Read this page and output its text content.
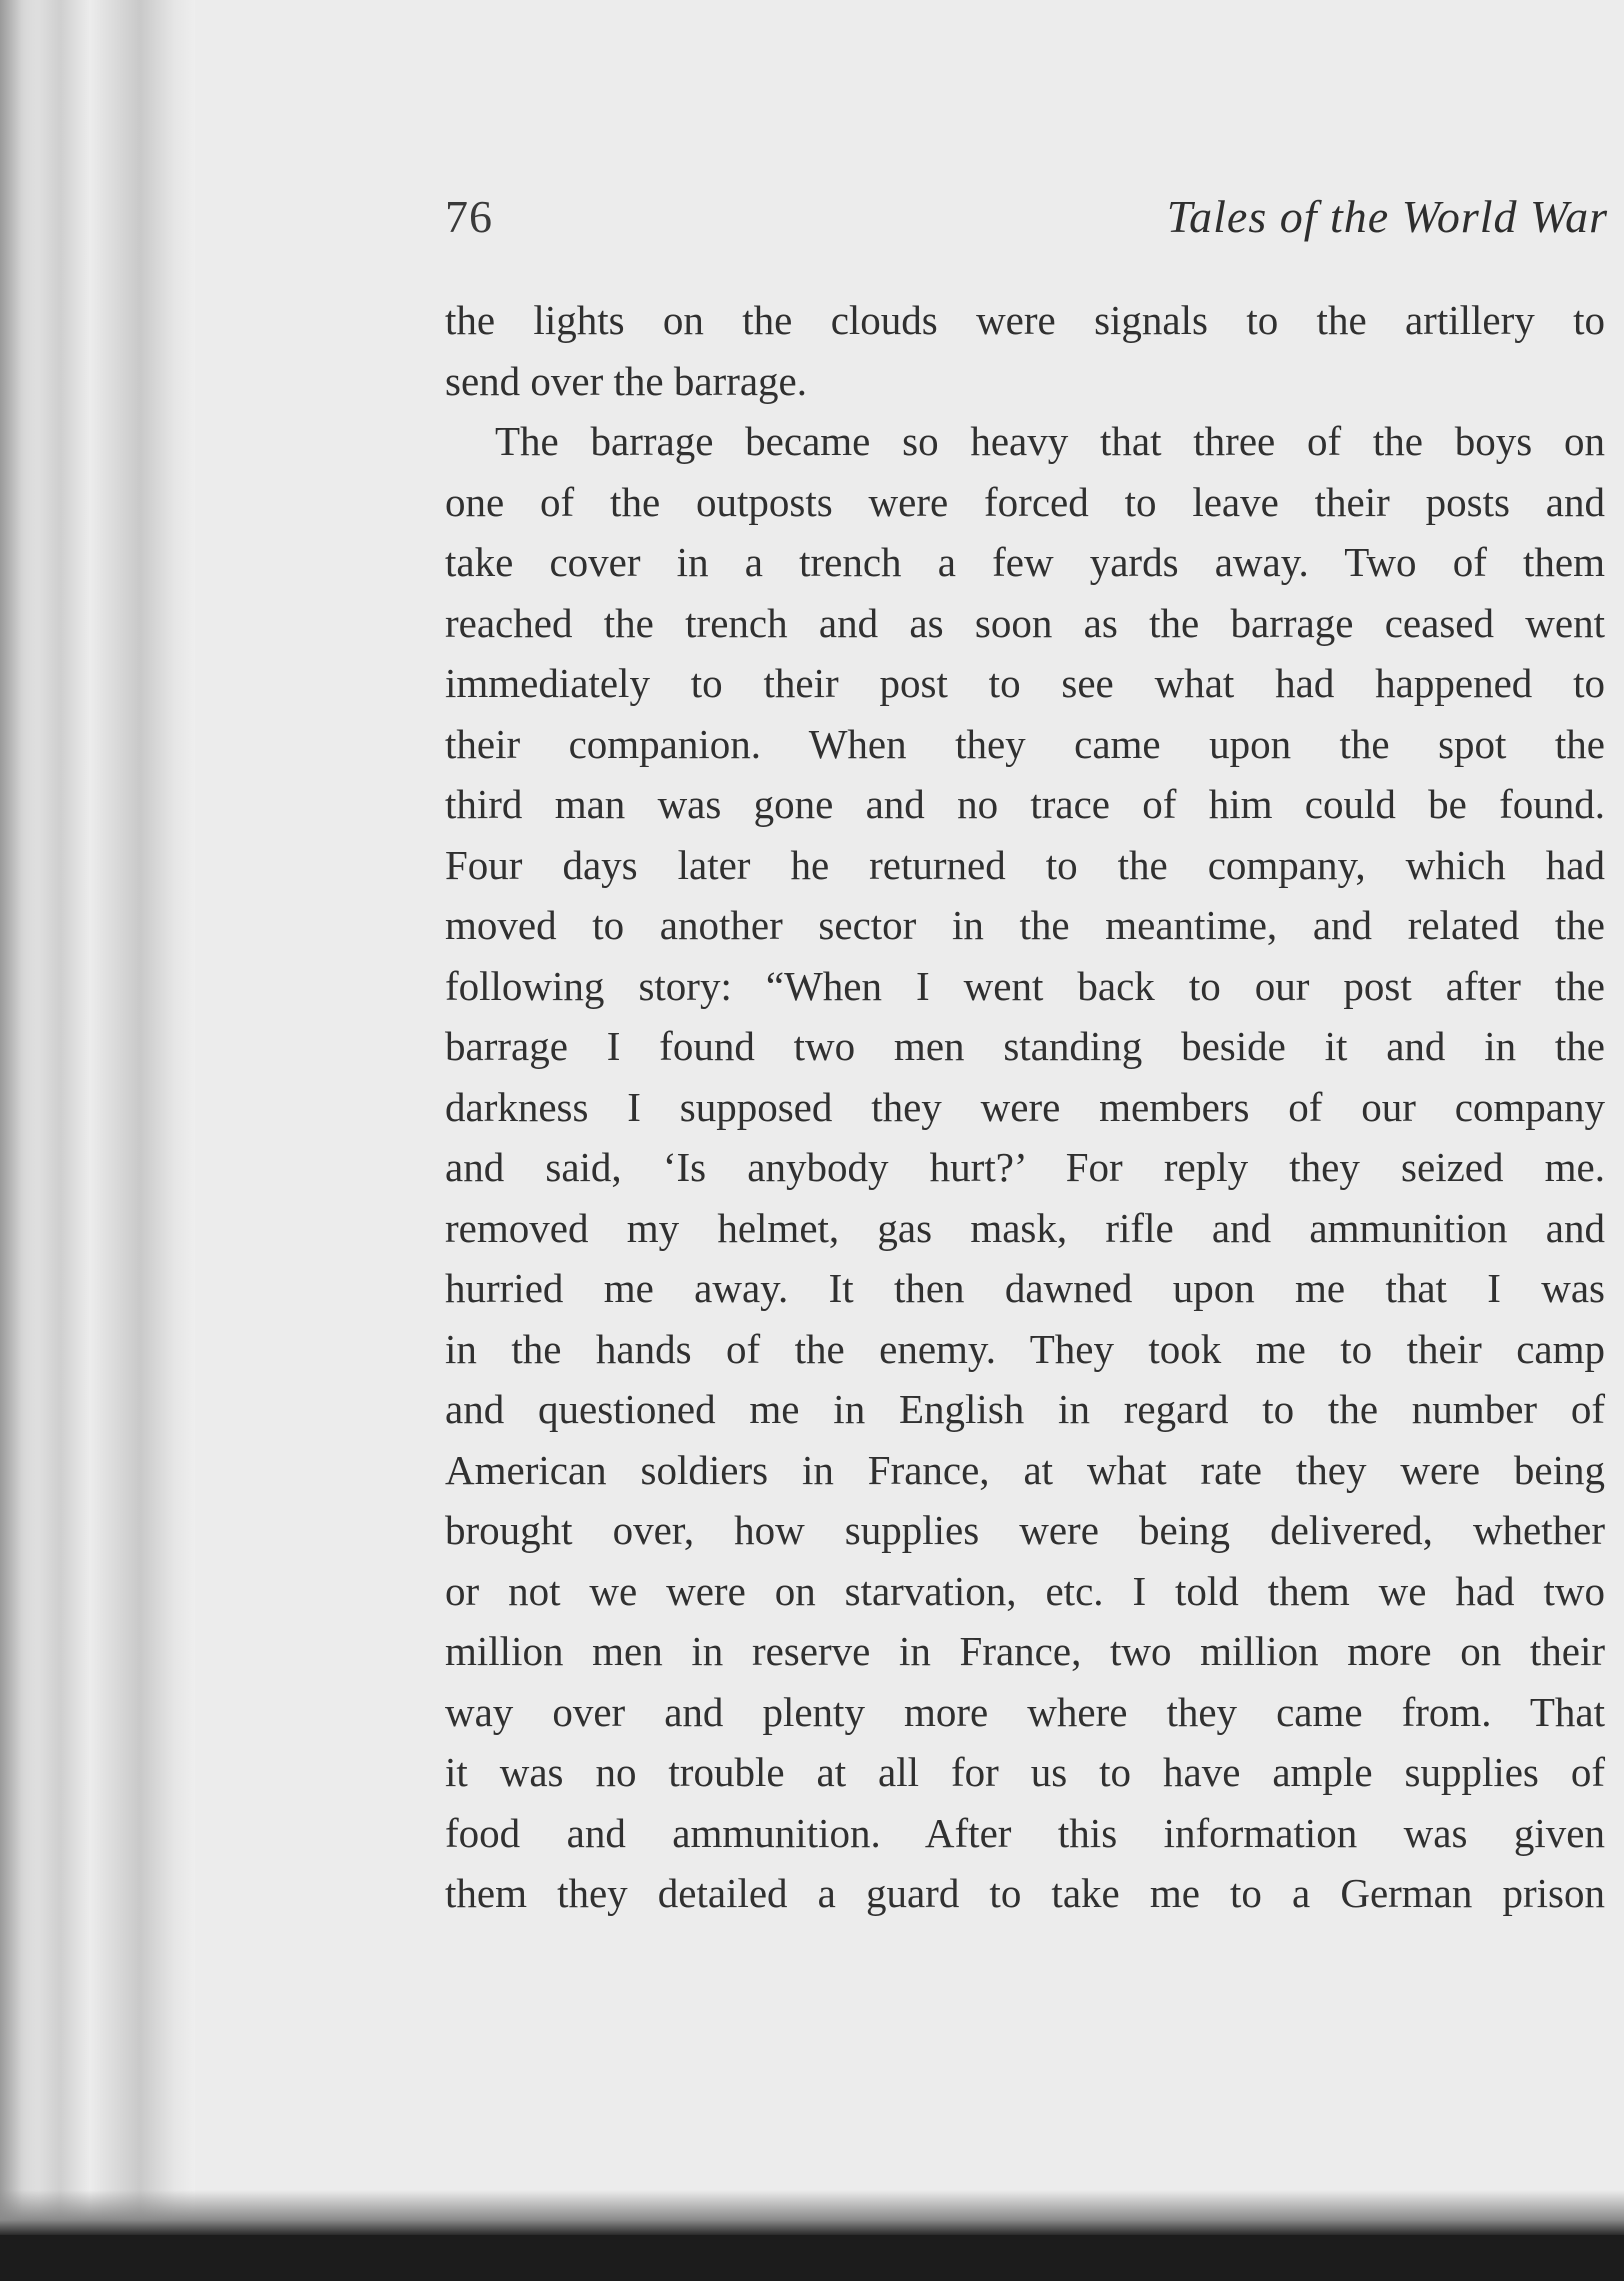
76	Tales of the World War
the lights on the clouds were signals to the artillery to
send over the barrage.
The barrage became so heavy that three of the boys on
one of the outposts were forced to leave their posts and
take cover in a trench a few yards away. Two of them
reached the trench and as soon as the barrage ceased went
immediately to their post to see what had happened to
their companion. When they came upon the spot the
third man was gone and no trace of him could be found.
Four days later he returned to the company, which had
moved to another sector in the meantime, and related the
following story: “When I went back to our post after the
barrage I found two men standing beside it and in the
darkness I supposed they were members of our company
and said, ‘Is anybody hurt?’ For reply they seized me.
removed my helmet, gas mask, rifle and ammunition and
hurried me away. It then dawned upon me that I was
in the hands of the enemy. They took me to their camp
and questioned me in English in regard to the number of
American soldiers in France, at what rate they were being
brought over, how supplies were being delivered, whether
or not we were on starvation, etc. I told them we had two
million men in reserve in France, two million more on their
way over and plenty more where they came from. That
it was no trouble at all for us to have ample supplies of
food and ammunition. After this information was given
them they detailed a guard to take me to a German prison
